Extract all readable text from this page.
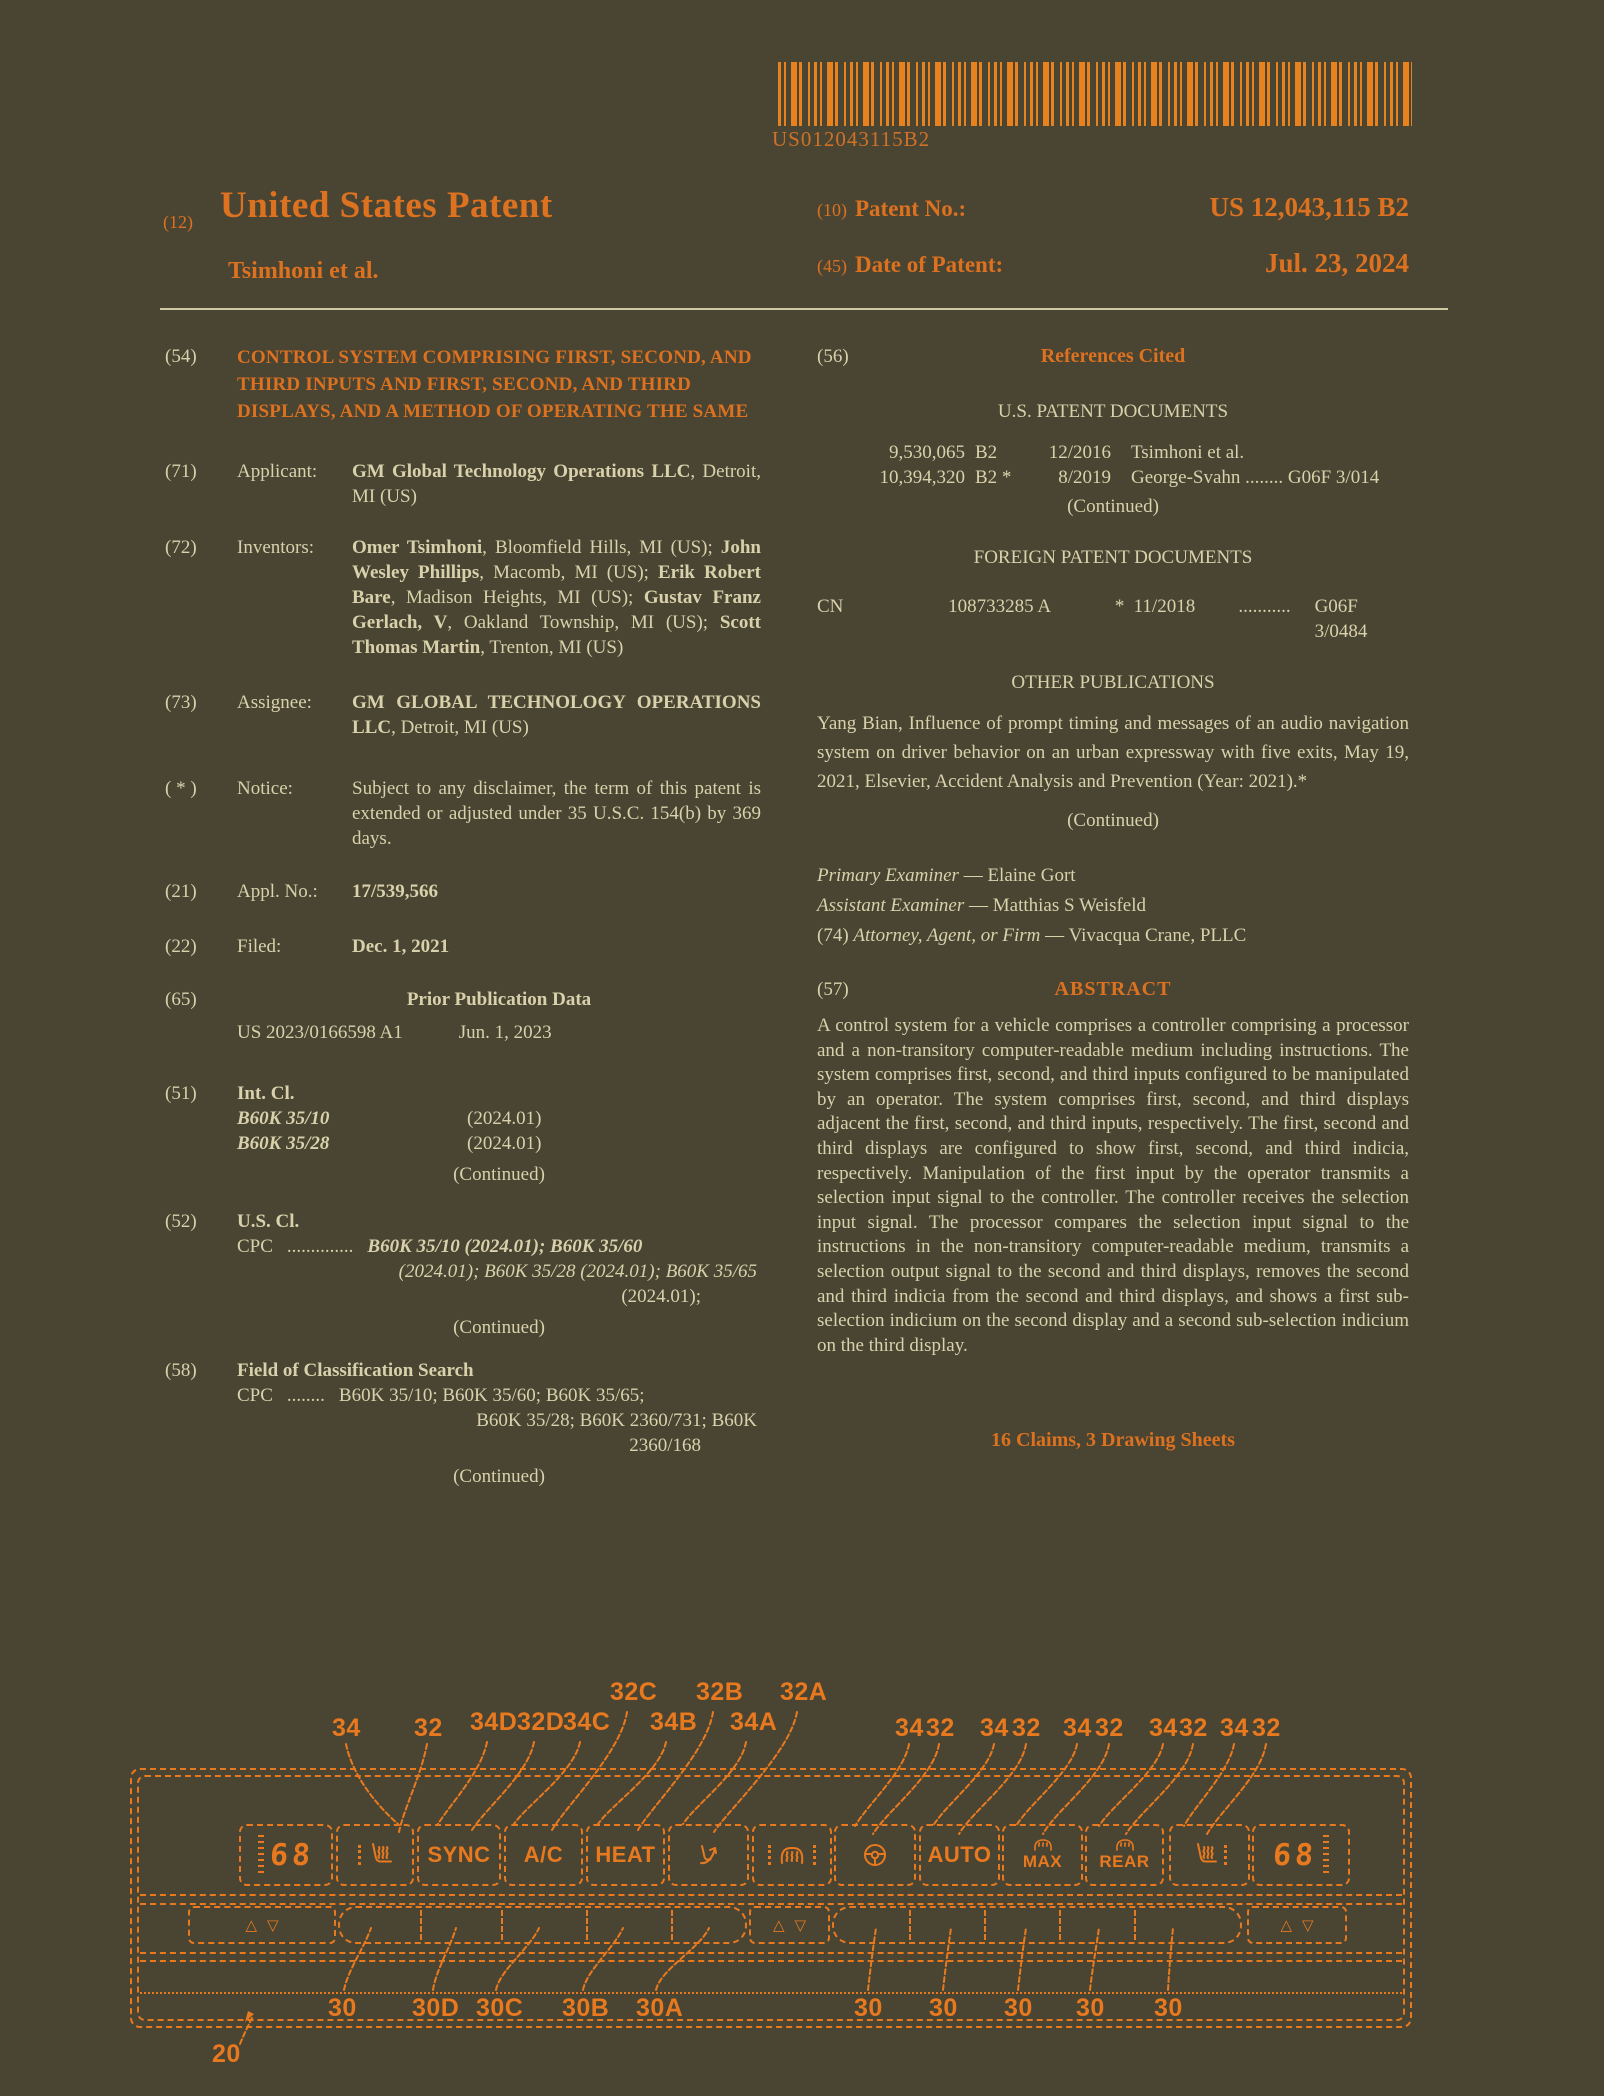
US012043115B2
(12) United States Patent
Tsimhoni et al.
(10) Patent No.:	US 12,043,115 B2
(45) Date of Patent:	Jul. 23, 2024
(54)	CONTROL SYSTEM COMPRISING FIRST, SECOND, AND THIRD INPUTS AND FIRST, SECOND, AND THIRD DISPLAYS, AND A METHOD OF OPERATING THE SAME
(71)	Applicant:	GM Global Technology Operations LLC, Detroit, MI (US)
(72)	Inventors:	Omer Tsimhoni, Bloomfield Hills, MI (US); John Wesley Phillips, Macomb, MI (US); Erik Robert Bare, Madison Heights, MI (US); Gustav Franz Gerlach, V, Oakland Township, MI (US); Scott Thomas Martin, Trenton, MI (US)
(73)	Assignee:	GM GLOBAL TECHNOLOGY OPERATIONS LLC, Detroit, MI (US)
( * )	Notice:	Subject to any disclaimer, the term of this patent is extended or adjusted under 35 U.S.C. 154(b) by 369 days.
(21)	Appl. No.:	17/539,566
(22)	Filed:	Dec. 1, 2021
(65)	Prior Publication Data
US 2023/0166598 A1	Jun. 1, 2023
(51)	Int. Cl.
B60K 35/10	(2024.01)
B60K 35/28	(2024.01)
(Continued)
(52)	U.S. Cl.
CPC .............. B60K 35/10 (2024.01); B60K 35/60
(2024.01); B60K 35/28 (2024.01); B60K 35/65
(2024.01);
(Continued)
(58)	Field of Classification Search
CPC ........ B60K 35/10; B60K 35/60; B60K 35/65;
B60K 35/28; B60K 2360/731; B60K
2360/168
(Continued)
(56)	References Cited
U.S. PATENT DOCUMENTS
9,530,065 B2	12/2016 Tsimhoni et al.
10,394,320 B2 *	8/2019 George-Svahn ........ G06F 3/014
(Continued)
FOREIGN PATENT DOCUMENTS
CN	108733285 A	* 11/2018	........... G06F 3/0484
OTHER PUBLICATIONS
Yang Bian, Influence of prompt timing and messages of an audio navigation system on driver behavior on an urban expressway with five exits, May 19, 2021, Elsevier, Accident Analysis and Prevention (Year: 2021).*
(Continued)
Primary Examiner — Elaine Gort
Assistant Examiner — Matthias S Weisfeld
(74) Attorney, Agent, or Firm — Vivacqua Crane, PLLC
(57)	ABSTRACT
A control system for a vehicle comprises a controller comprising a processor and a non-transitory computer-readable medium including instructions. The system comprises first, second, and third inputs configured to be manipulated by an operator. The system comprises first, second, and third displays adjacent the first, second, and third inputs, respectively. The first, second and third displays are configured to show first, second, and third indicia, respectively. Manipulation of the first input by the operator transmits a selection input signal to the controller. The controller receives the selection input signal. The processor compares the selection input signal to the instructions in the non-transitory computer-readable medium, transmits a selection output signal to the second and third displays, removes the second and third indicia from the second and third displays, and shows a first sub-selection indicium on the second display and a second sub-selection indicium on the third display.
16 Claims, 3 Drawing Sheets
34 32 34D 32D
34C
32C
34B
32B
34A
32A
34 32 34 32 34 32 34 32 34 32
30 30D 30C 30B 30A	30 30 30 30 30
20
68	SYNC A/C HEAT	AUTO MAX REAR	68
△ ▽	△ ▽	△ ▽
